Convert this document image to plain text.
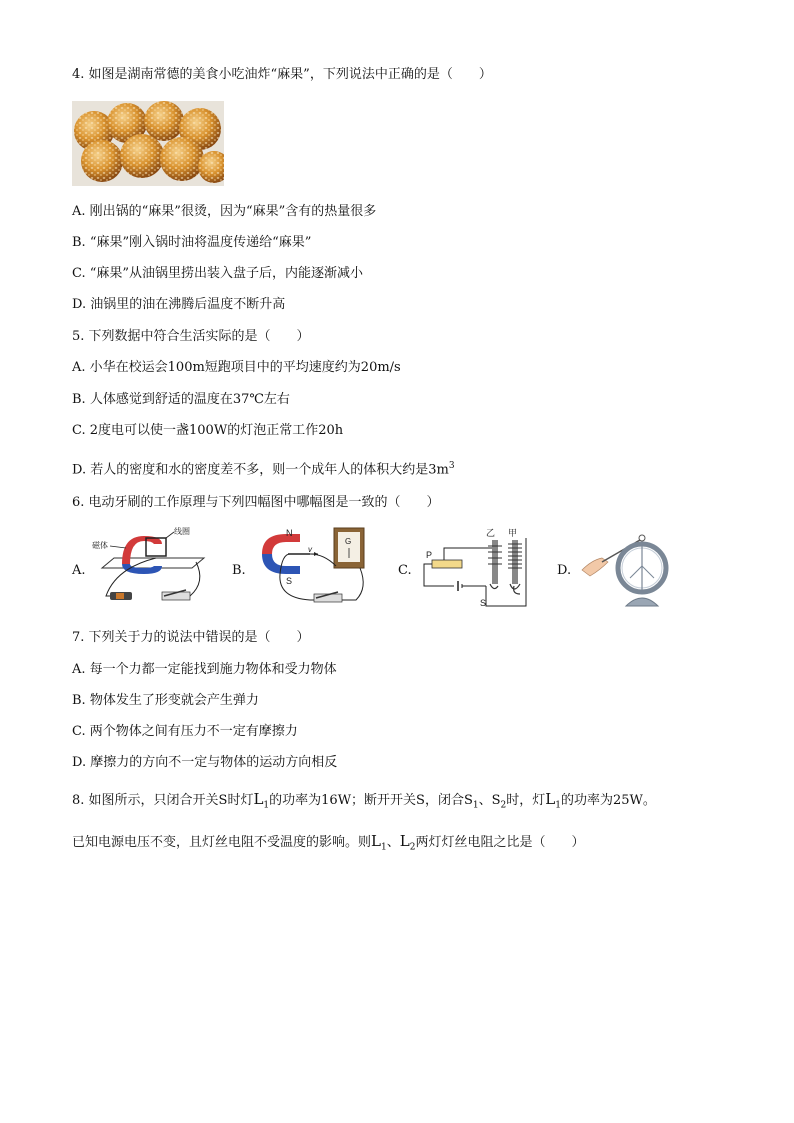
4. 如图是湖南常德的美食小吃油炸“麻果”，下列说法中正确的是（　　）
A. 刚出锅的“麻果”很烫，因为“麻果”含有的热量很多
B. “麻果”刚入锅时油将温度传递给“麻果”
C. “麻果”从油锅里捞出装入盘子后，内能逐渐减小
D. 油锅里的油在沸腾后温度不断升高
5. 下列数据中符合生活实际的是（　　）
A. 小华在校运会100m短跑项目中的平均速度约为20m/s
B. 人体感觉到舒适的温度在37℃左右
C. 2度电可以使一盏100W的灯泡正常工作20h
D. 若人的密度和水的密度差不多，则一个成年人的体积大约是$3m^3$
6. 电动牙刷的工作原理与下列四幅图中哪幅图是一致的（　　）
A.
线圈
磁体
B.
N
S
v
G
C.
P
S
乙 甲
D.
7. 下列关于力的说法中错误的是（　　）
A. 每一个力都一定能找到施力物体和受力物体
B. 物体发生了形变就会产生弹力
C. 两个物体之间有压力不一定有摩擦力
D. 摩擦力的方向不一定与物体的运动方向相反
8. 如图所示，只闭合开关S时灯$L_1$的功率为16W；断开开关S，闭合$S_1$、$S_2$时，灯$L_1$的功率为25W。
已知电源电压不变，且灯丝电阻不受温度的影响。则$L_1$、$L_2$两灯灯丝电阻之比是（　　）
